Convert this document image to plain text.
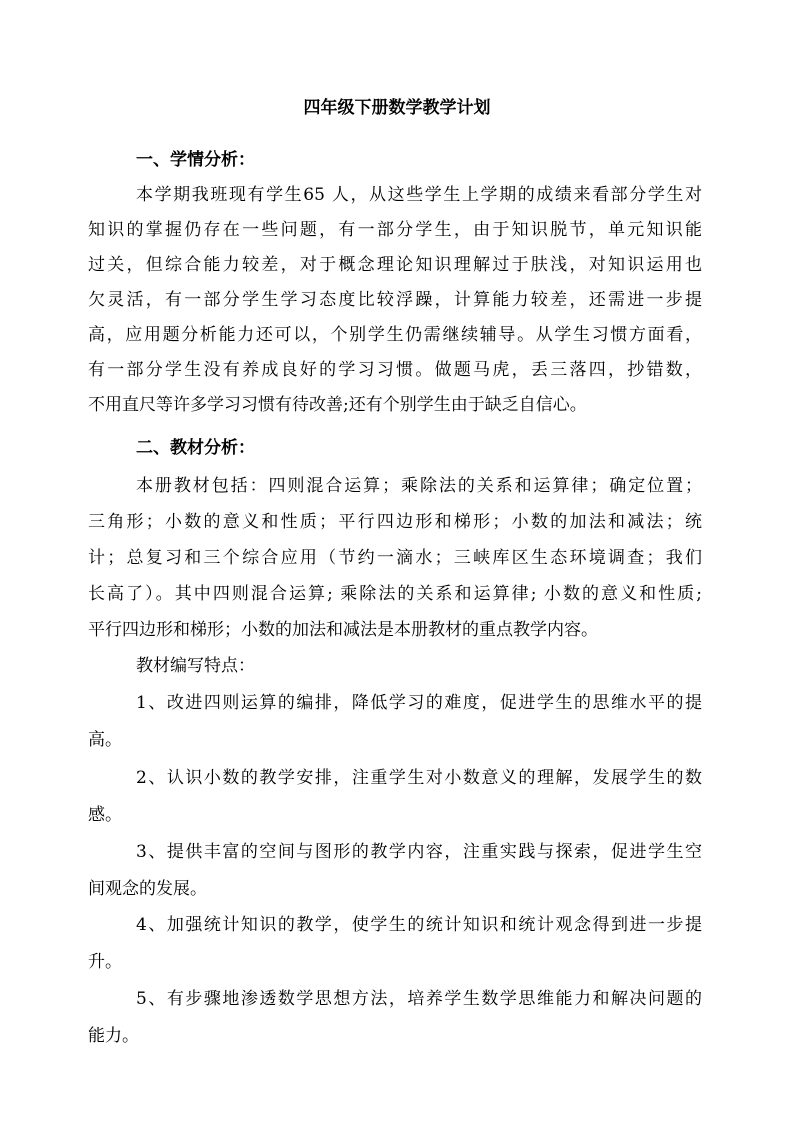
四年级下册数学教学计划
一、学情分析：
本学期我班现有学生65 人，从这些学生上学期的成绩来看部分学生对
知识的掌握仍存在一些问题，有一部分学生，由于知识脱节，单元知识能
过关，但综合能力较差，对于概念理论知识理解过于肤浅，对知识运用也
欠灵活，有一部分学生学习态度比较浮躁，计算能力较差，还需进一步提
高，应用题分析能力还可以，个别学生仍需继续辅导。从学生习惯方面看，
有一部分学生没有养成良好的学习习惯。做题马虎，丢三落四，抄错数，
不用直尺等许多学习习惯有待改善;还有个别学生由于缺乏自信心。
二、教材分析：
本册教材包括：四则混合运算；乘除法的关系和运算律；确定位置；
三角形；小数的意义和性质；平行四边形和梯形；小数的加法和减法；统
计；总复习和三个综合应用（节约一滴水；三峡库区生态环境调查；我们
长高了）。其中四则混合运算; 乘除法的关系和运算律; 小数的意义和性质;
平行四边形和梯形；小数的加法和减法是本册教材的重点教学内容。
教材编写特点：
1、改进四则运算的编排，降低学习的难度，促进学生的思维水平的提
高。
2、认识小数的教学安排，注重学生对小数意义的理解，发展学生的数
感。
3、提供丰富的空间与图形的教学内容，注重实践与探索，促进学生空
间观念的发展。
4、加强统计知识的教学，使学生的统计知识和统计观念得到进一步提
升。
5、有步骤地渗透数学思想方法，培养学生数学思维能力和解决问题的
能力。
